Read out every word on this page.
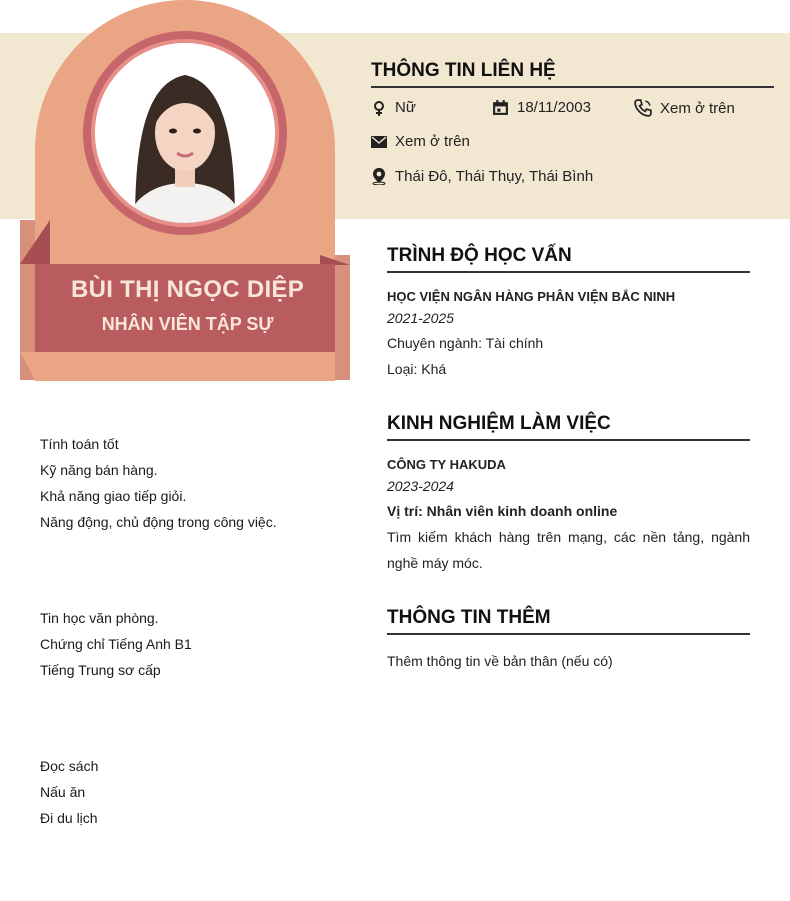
BÙI THỊ NGỌC DIỆP
NHÂN VIÊN TẬP SỰ
THÔNG TIN LIÊN HỆ
Nữ	18/11/2003	Xem ở trên
Xem ở trên
Thái Đô, Thái Thụy, Thái Bình
Tính toán tốt
Kỹ năng bán hàng.
Khả năng giao tiếp giỏi.
Năng động, chủ động trong công việc.
Tin học văn phòng.
Chứng chỉ Tiếng Anh B1
Tiếng Trung sơ cấp
Đọc sách
Nấu ăn
Đi du lịch
TRÌNH ĐỘ HỌC VẤN
HỌC VIỆN NGÂN HÀNG PHÂN VIỆN BẮC NINH
2021-2025
Chuyên ngành: Tài chính
Loại: Khá
KINH NGHIỆM LÀM VIỆC
CÔNG TY HAKUDA
2023-2024
Vị trí: Nhân viên kinh doanh online
Tìm kiếm khách hàng trên mạng, các nền tảng, ngành nghề máy móc.
THÔNG TIN THÊM
Thêm thông tin về bản thân (nếu có)
